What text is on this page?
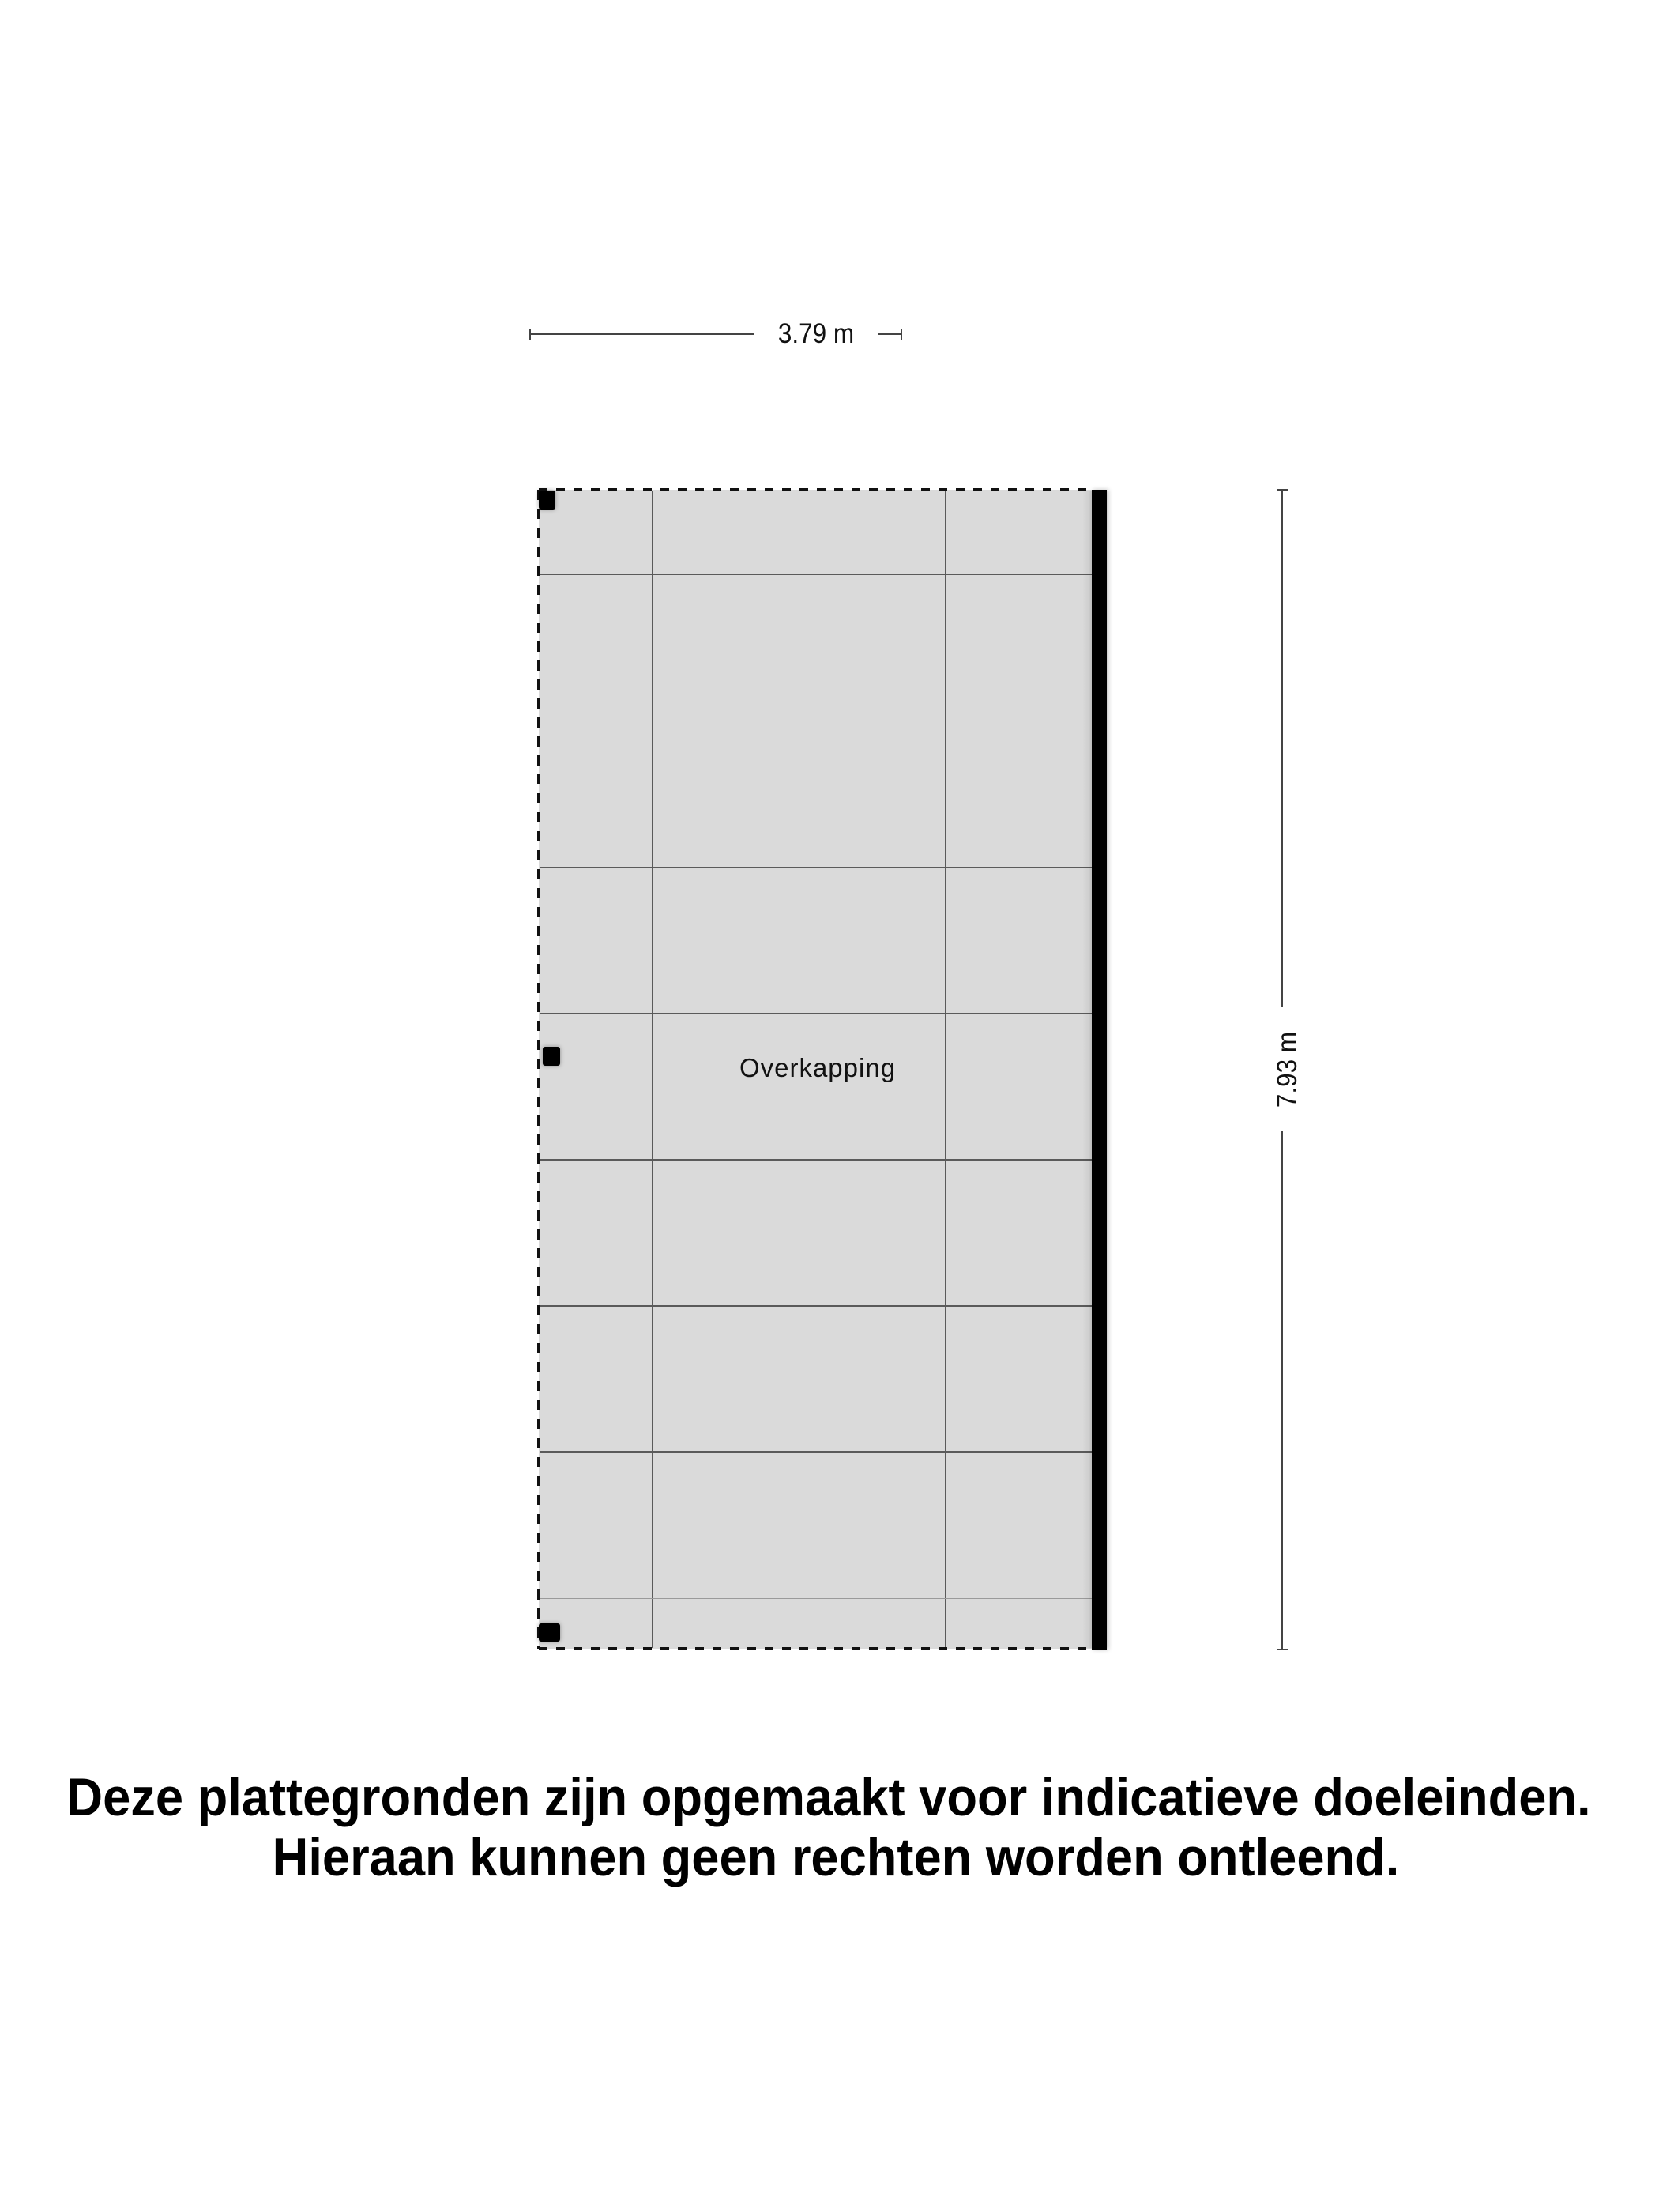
3.79 m
7.93 m
Overkapping
Deze plattegronden zijn opgemaakt voor indicatieve doeleinden.
Hieraan kunnen geen rechten worden ontleend.
